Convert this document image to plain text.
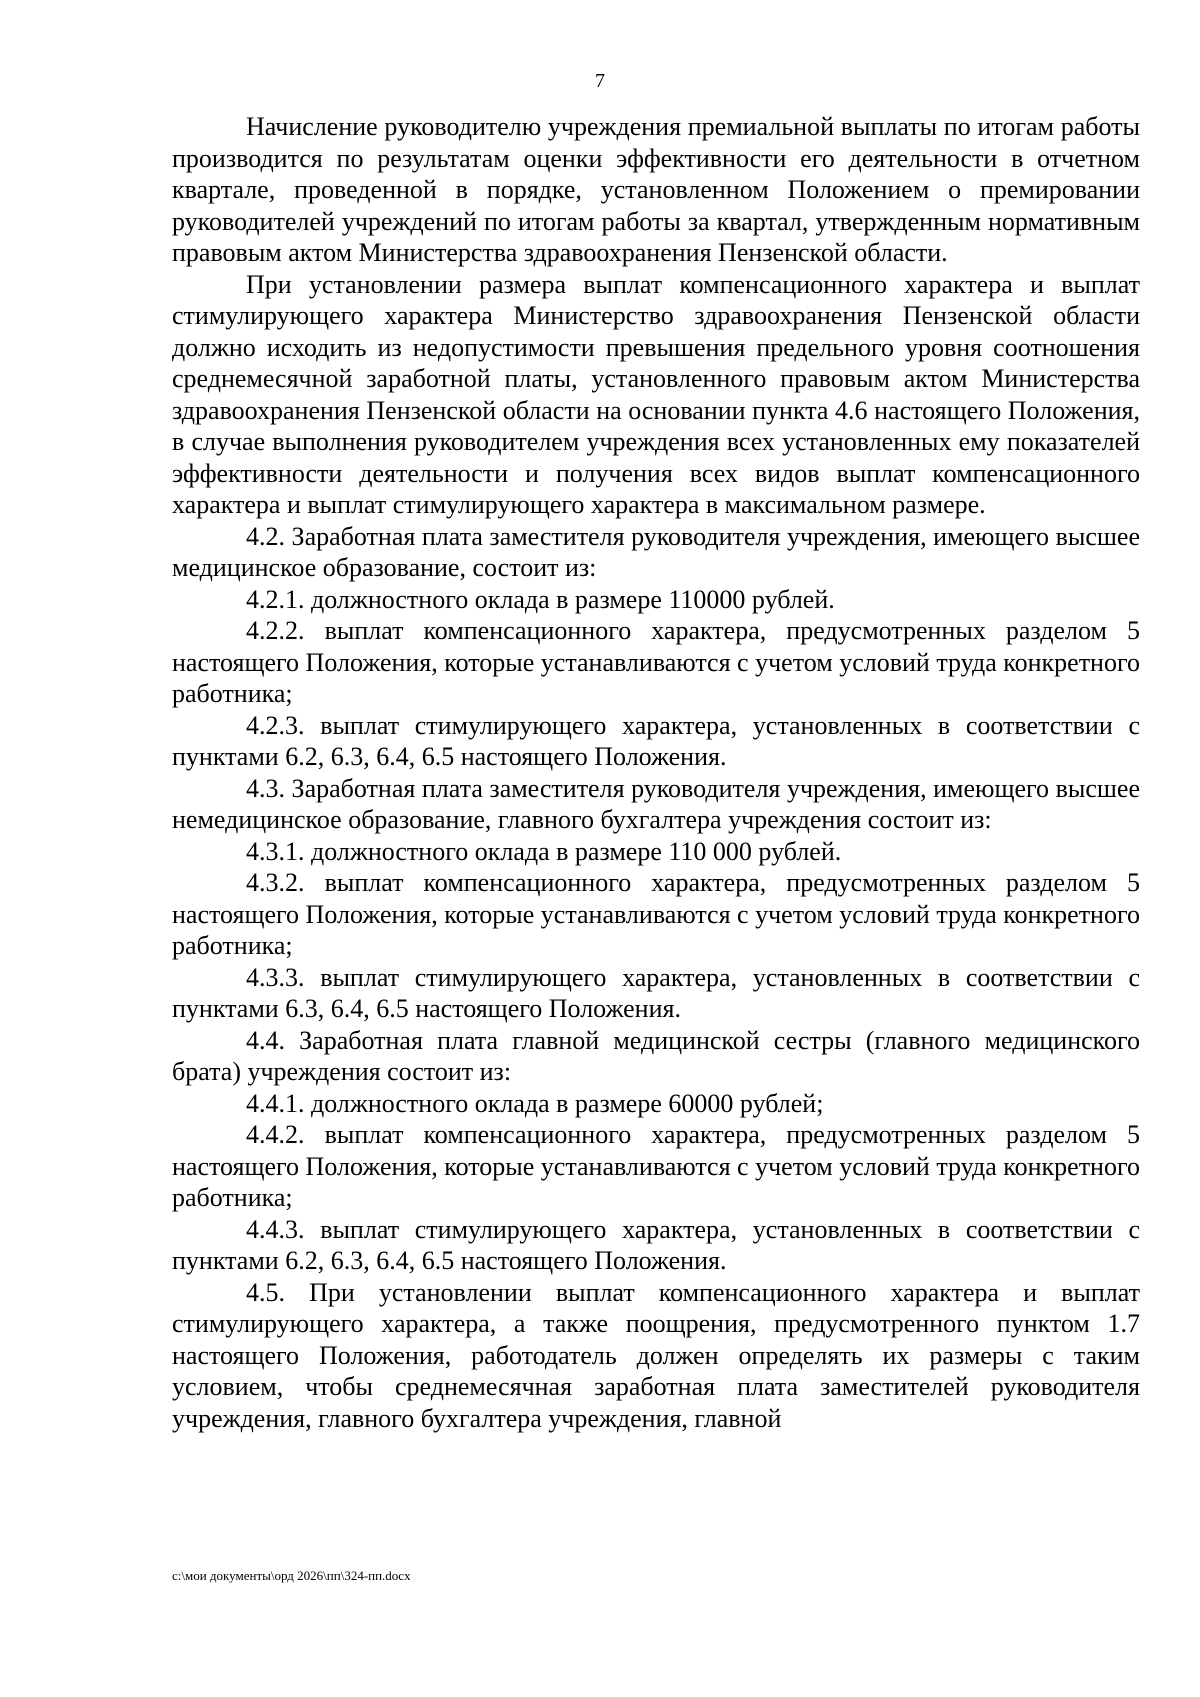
7

Начисление руководителю учреждения премиальной выплаты по итогам работы производится по результатам оценки эффективности его деятельности в отчетном квартале, проведенной в порядке, установленном Положением о премировании руководителей учреждений по итогам работы за квартал, утвержденным нормативным правовым актом Министерства здравоохранения Пензенской области.

При установлении размера выплат компенсационного характера и выплат стимулирующего характера Министерство здравоохранения Пензенской области должно исходить из недопустимости превышения предельного уровня соотношения среднемесячной заработной платы, установленного правовым актом Министерства здравоохранения Пензенской области на основании пункта 4.6 настоящего Положения, в случае выполнения руководителем учреждения всех установленных ему показателей эффективности деятельности и получения всех видов выплат компенсационного характера и выплат стимулирующего характера в максимальном размере.

4.2. Заработная плата заместителя руководителя учреждения, имеющего высшее медицинское образование, состоит из:

4.2.1. должностного оклада в размере 110000 рублей.

4.2.2. выплат компенсационного характера, предусмотренных разделом 5 настоящего Положения, которые устанавливаются с учетом условий труда конкретного работника;

4.2.3. выплат стимулирующего характера, установленных в соответствии с пунктами 6.2, 6.3, 6.4, 6.5 настоящего Положения.

4.3. Заработная плата заместителя руководителя учреждения, имеющего высшее немедицинское образование, главного бухгалтера учреждения состоит из:

4.3.1. должностного оклада в размере 110 000 рублей.

4.3.2. выплат компенсационного характера, предусмотренных разделом 5 настоящего Положения, которые устанавливаются с учетом условий труда конкретного работника;

4.3.3. выплат стимулирующего характера, установленных в соответствии с пунктами 6.3, 6.4, 6.5 настоящего Положения.

4.4. Заработная плата главной медицинской сестры (главного медицинского брата) учреждения состоит из:

4.4.1. должностного оклада в размере 60000 рублей;

4.4.2. выплат компенсационного характера, предусмотренных разделом 5 настоящего Положения, которые устанавливаются с учетом условий труда конкретного работника;

4.4.3. выплат стимулирующего характера, установленных в соответствии с пунктами 6.2, 6.3, 6.4, 6.5 настоящего Положения.

4.5. При установлении выплат компенсационного характера и выплат стимулирующего характера, а также поощрения, предусмотренного пунктом 1.7 настоящего Положения, работодатель должен определять их размеры с таким условием, чтобы среднемесячная заработная плата заместителей руководителя учреждения, главного бухгалтера учреждения, главной

c:\мои документы\орд 2026\пп\324-пп.docx
